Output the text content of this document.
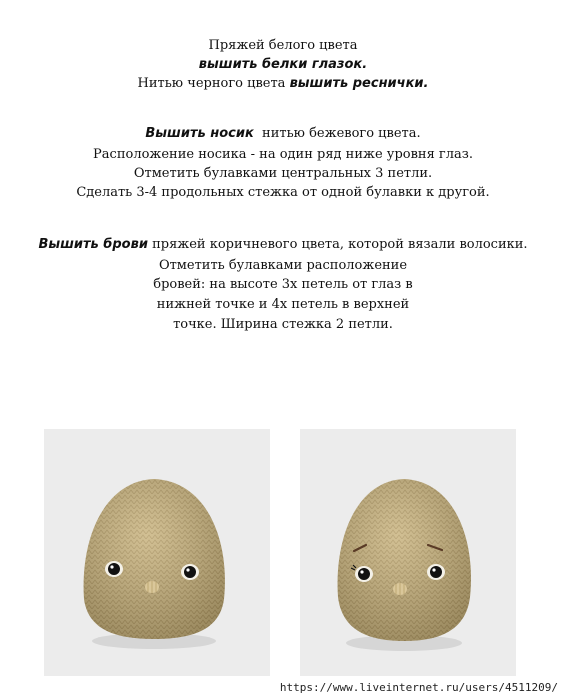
Пряжей белого цвета
вышить белки глазок.
Нитью черного цвета вышить реснички.
Вышить носик  нитью бежевого цвета.
Расположение носика - на один ряд ниже уровня глаз.
Отметить булавками центральных 3 петли.
Сделать 3-4 продольных стежка от одной булавки к другой.
Вышить брови пряжей коричневого цвета, которой вязали волосики.
Отметить булавками расположение
бровей: на высоте 3х петель от глаз в
нижней точке и 4х петель в верхней
точке. Ширина стежка 2 петли.
https://www.liveinternet.ru/users/4511209/
